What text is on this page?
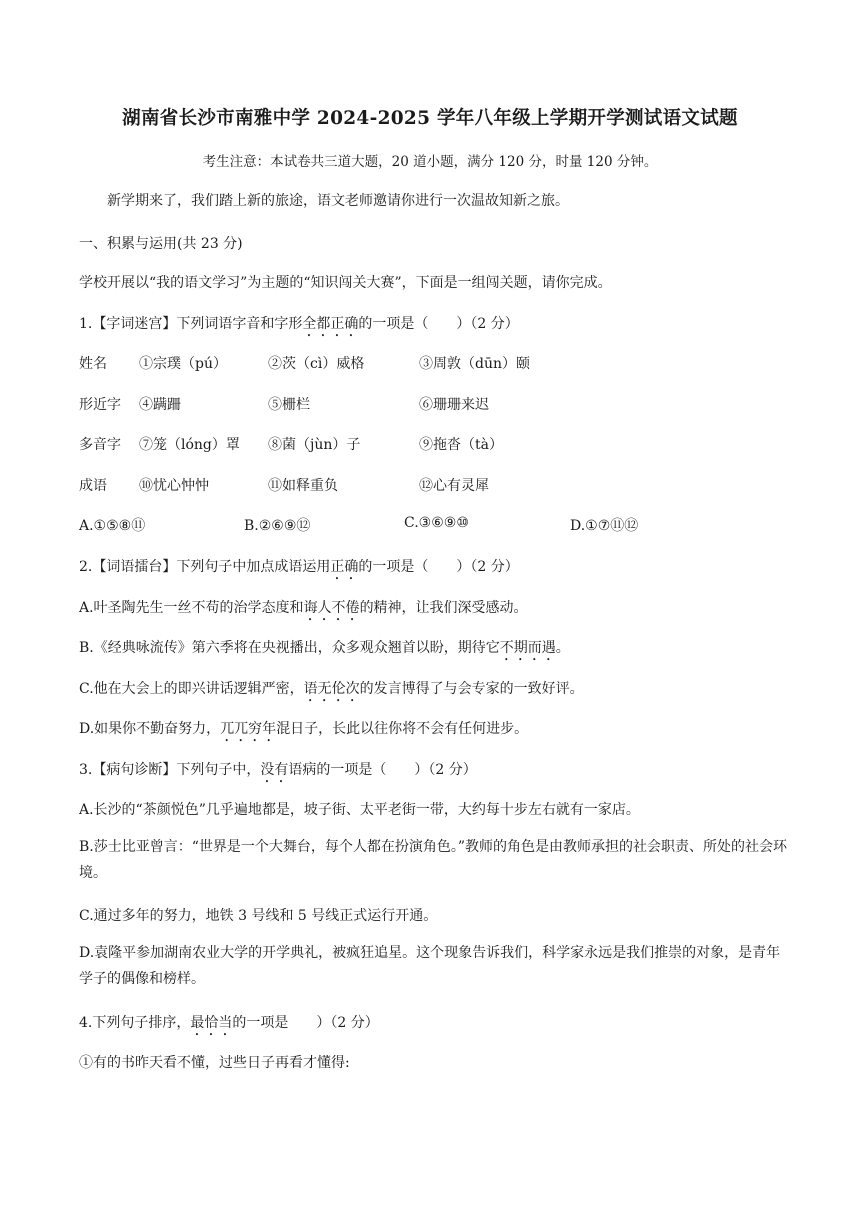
湖南省长沙市南雅中学 2024-2025 学年八年级上学期开学测试语文试题
考生注意：本试卷共三道大题，20 道小题，满分 120 分，时量 120 分钟。
新学期来了，我们踏上新的旅途，语文老师邀请你进行一次温故知新之旅。
一、积累与运用(共 23 分)
学校开展以“我的语文学习”为主题的“知识闯关大赛”，下面是一组闯关题，请你完成。
1.【字词迷宫】下列词语字音和字形全都正确的一项是（　　）（2 分）
姓名 ①宗璞（pú）	②茨（cì）威格	③周敦（dūn）颐
形近字 ④蹒跚	⑤栅栏	⑥珊珊来迟
多音字 ⑦笼（lóng）罩 ⑧菌（jùn）子	⑨拖沓（tà）
成语 ⑩忧心忡忡	⑪如释重负	⑫心有灵犀
A.①⑤⑧⑪	B.②⑥⑨⑫	C.③⑥⑨⑩	D.①⑦⑪⑫
2.【词语擂台】下列句子中加点成语运用正确的一项是（　　）（2 分）
A.叶圣陶先生一丝不苟的治学态度和诲人不倦的精神，让我们深受感动。
B.《经典咏流传》第六季将在央视播出，众多观众翘首以盼，期待它不期而遇。
C.他在大会上的即兴讲话逻辑严密，语无伦次的发言博得了与会专家的一致好评。
D.如果你不勤奋努力，兀兀穷年混日子，长此以往你将不会有任何进步。
3.【病句诊断】下列句子中，没有语病的一项是（　　）（2 分）
A.长沙的“茶颜悦色”几乎遍地都是，坡子街、太平老街一带，大约每十步左右就有一家店。
B.莎士比亚曾言：“世界是一个大舞台，每个人都在扮演角色。”教师的角色是由教师承担的社会职责、所处的社会环境。
C.通过多年的努力，地铁 3 号线和 5 号线正式运行开通。
D.袁隆平参加湖南农业大学的开学典礼，被疯狂追星。这个现象告诉我们，科学家永远是我们推崇的对象，是青年学子的偶像和榜样。
4.下列句子排序，最恰当的一项是　　）（2 分）
①有的书昨天看不懂，过些日子再看才懂得:
